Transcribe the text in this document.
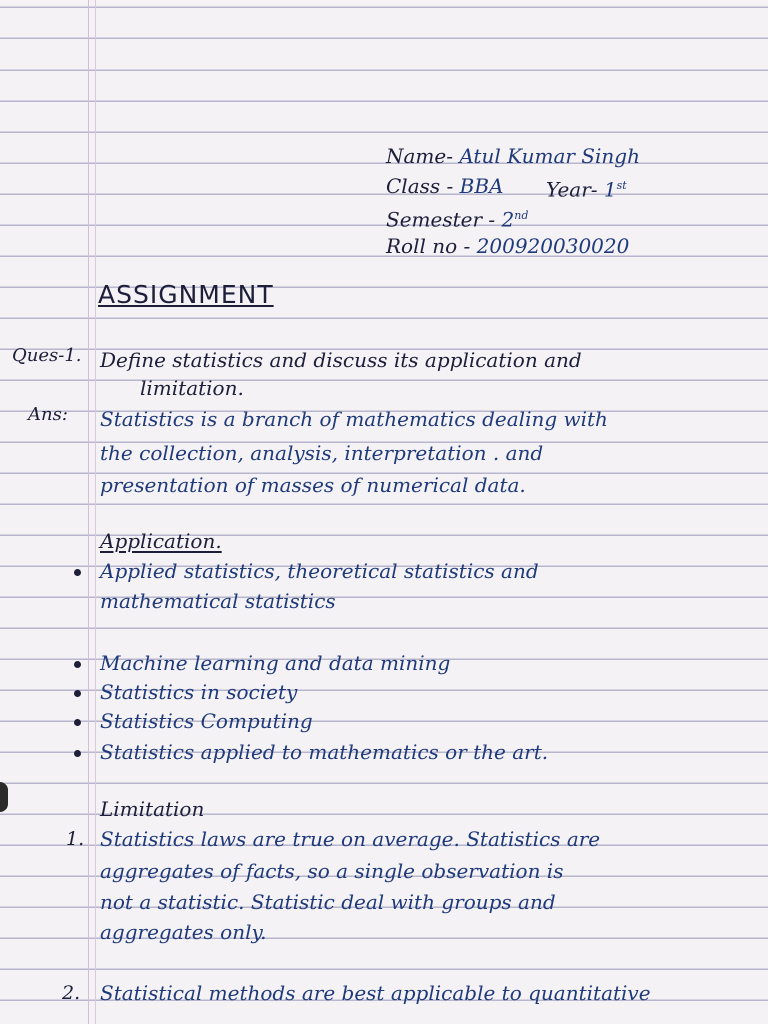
Name- Atul Kumar Singh
Class - BBA Year- 1st
Semester - 2nd
Roll no - 200920030020
ASSIGNMENT
Ques-1. Define statistics and discuss its application and
limitation.
Ans: Statistics is a branch of mathematics dealing with
the collection, analysis, interpretation . and
presentation of masses of numerical data.
Application.
Applied statistics, theoretical statistics and
mathematical statistics
Machine learning and data mining
Statistics in society
Statistics Computing
Statistics applied to mathematics or the art.
Limitation
1. Statistics laws are true on average. Statistics are
aggregates of facts, so a single observation is
not a statistic. Statistic deal with groups and
aggregates only.
2. Statistical methods are best applicable to quantitative
